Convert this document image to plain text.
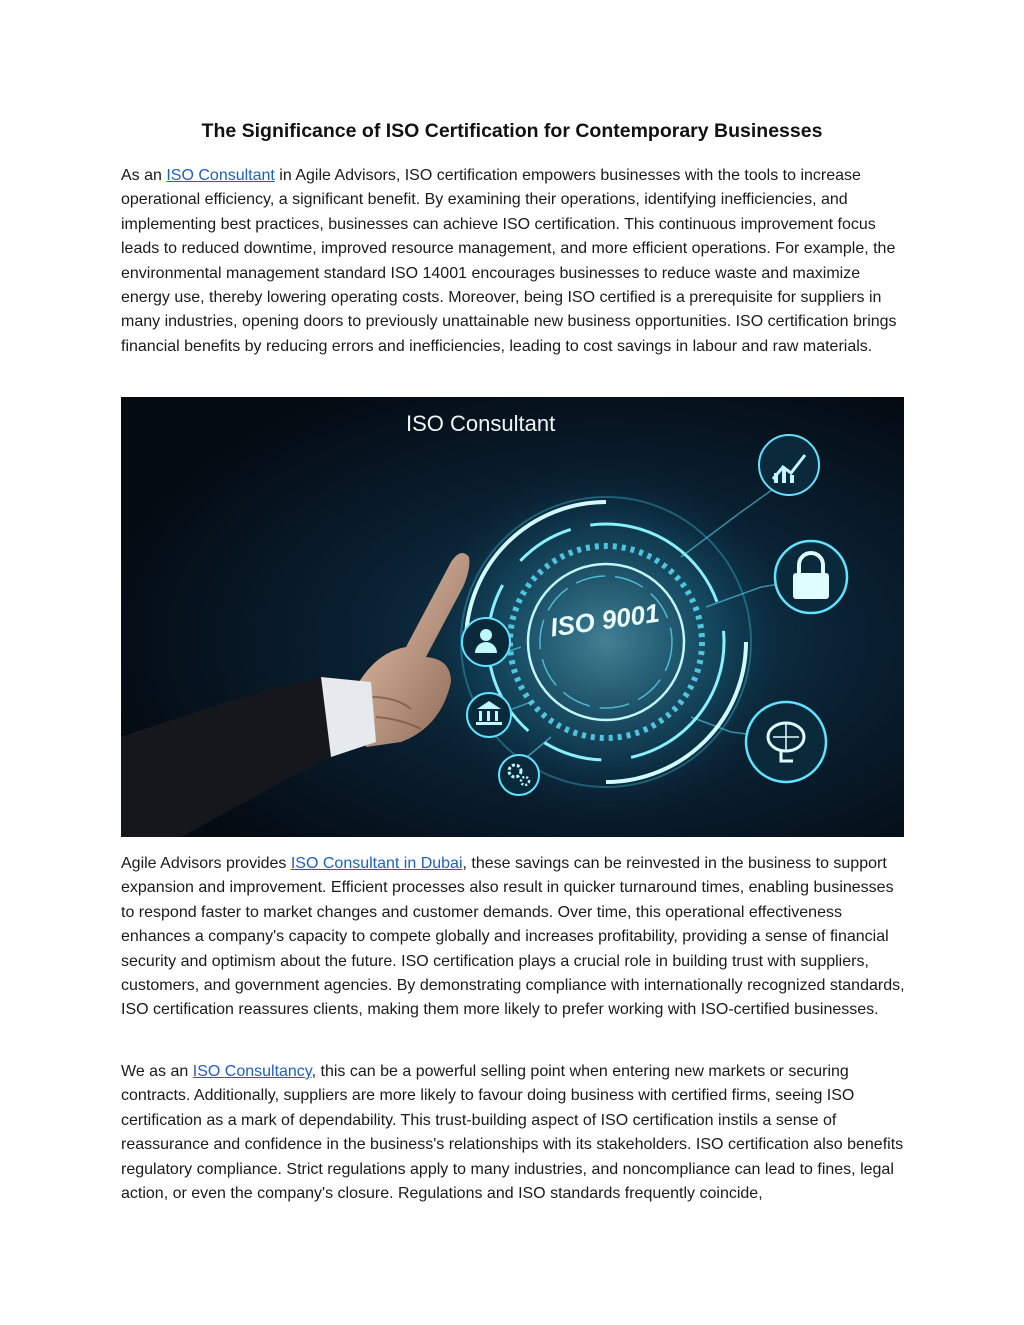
The Significance of ISO Certification for Contemporary Businesses

As an ISO Consultant in Agile Advisors, ISO certification empowers businesses with the tools to increase operational efficiency, a significant benefit. By examining their operations, identifying inefficiencies, and implementing best practices, businesses can achieve ISO certification. This continuous improvement focus leads to reduced downtime, improved resource management, and more efficient operations. For example, the environmental management standard ISO 14001 encourages businesses to reduce waste and maximize energy use, thereby lowering operating costs. Moreover, being ISO certified is a prerequisite for suppliers in many industries, opening doors to previously unattainable new business opportunities. ISO certification brings financial benefits by reducing errors and inefficiencies, leading to cost savings in labour and raw materials.

ISO 9001
ISO Consultant

Agile Advisors provides ISO Consultant in Dubai, these savings can be reinvested in the business to support expansion and improvement. Efficient processes also result in quicker turnaround times, enabling businesses to respond faster to market changes and customer demands. Over time, this operational effectiveness enhances a company's capacity to compete globally and increases profitability, providing a sense of financial security and optimism about the future. ISO certification plays a crucial role in building trust with suppliers, customers, and government agencies. By demonstrating compliance with internationally recognized standards, ISO certification reassures clients, making them more likely to prefer working with ISO-certified businesses.

We as an ISO Consultancy, this can be a powerful selling point when entering new markets or securing contracts. Additionally, suppliers are more likely to favour doing business with certified firms, seeing ISO certification as a mark of dependability. This trust-building aspect of ISO certification instils a sense of reassurance and confidence in the business's relationships with its stakeholders. ISO certification also benefits regulatory compliance. Strict regulations apply to many industries, and noncompliance can lead to fines, legal action, or even the company's closure. Regulations and ISO standards frequently coincide,
